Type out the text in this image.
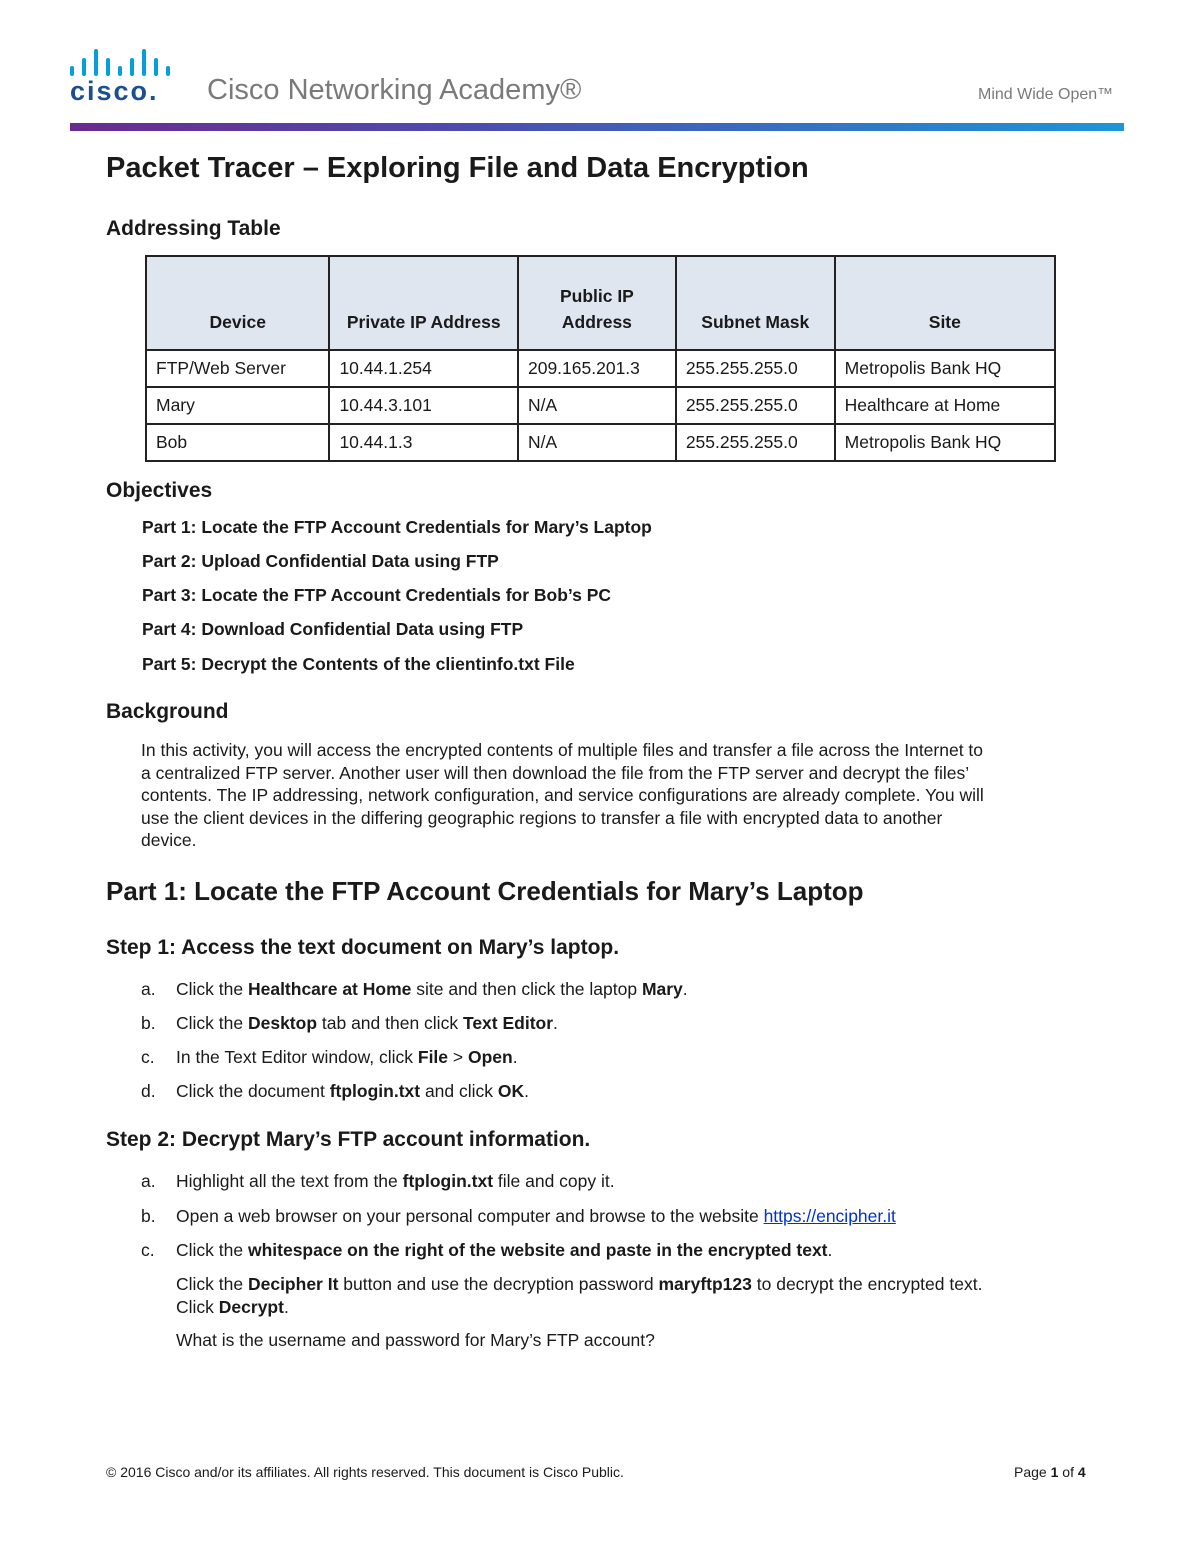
cisco. Cisco Networking Academy®	Mind Wide Open™
Packet Tracer – Exploring File and Data Encryption
Addressing Table
Device	Private IP Address	Public IP Address	Subnet Mask	Site
FTP/Web Server	10.44.1.254	209.165.201.3	255.255.255.0	Metropolis Bank HQ
Mary	10.44.3.101	N/A	255.255.255.0	Healthcare at Home
Bob	10.44.1.3	N/A	255.255.255.0	Metropolis Bank HQ
Objectives

Part 1: Locate the FTP Account Credentials for Mary’s Laptop

Part 2: Upload Confidential Data using FTP

Part 3: Locate the FTP Account Credentials for Bob’s PC

Part 4: Download Confidential Data using FTP

Part 5: Decrypt the Contents of the clientinfo.txt File

Background
In this activity, you will access the encrypted contents of multiple files and transfer a file across the Internet to
a centralized FTP server. Another user will then download the file from the FTP server and decrypt the files’
contents. The IP addressing, network configuration, and service configurations are already complete. You will
use the client devices in the differing geographic regions to transfer a file with encrypted data to another
device.
Part 1: Locate the FTP Account Credentials for Mary’s Laptop
Step 1: Access the text document on Mary’s laptop.

a. Click the Healthcare at Home site and then click the laptop Mary.

b. Click the Desktop tab and then click Text Editor.

c. In the Text Editor window, click File > Open.

d. Click the document ftplogin.txt and click OK.

Step 2: Decrypt Mary’s FTP account information.

a. Highlight all the text from the ftplogin.txt file and copy it.

b. Open a web browser on your personal computer and browse to the website https://encipher.it

c. Click the whitespace on the right of the website and paste in the encrypted text.

Click the Decipher It button and use the decryption password maryftp123 to decrypt the encrypted text.
Click Decrypt.

What is the username and password for Mary’s FTP account?

© 2016 Cisco and/or its affiliates. All rights reserved. This document is Cisco Public.	Page 1 of 4
